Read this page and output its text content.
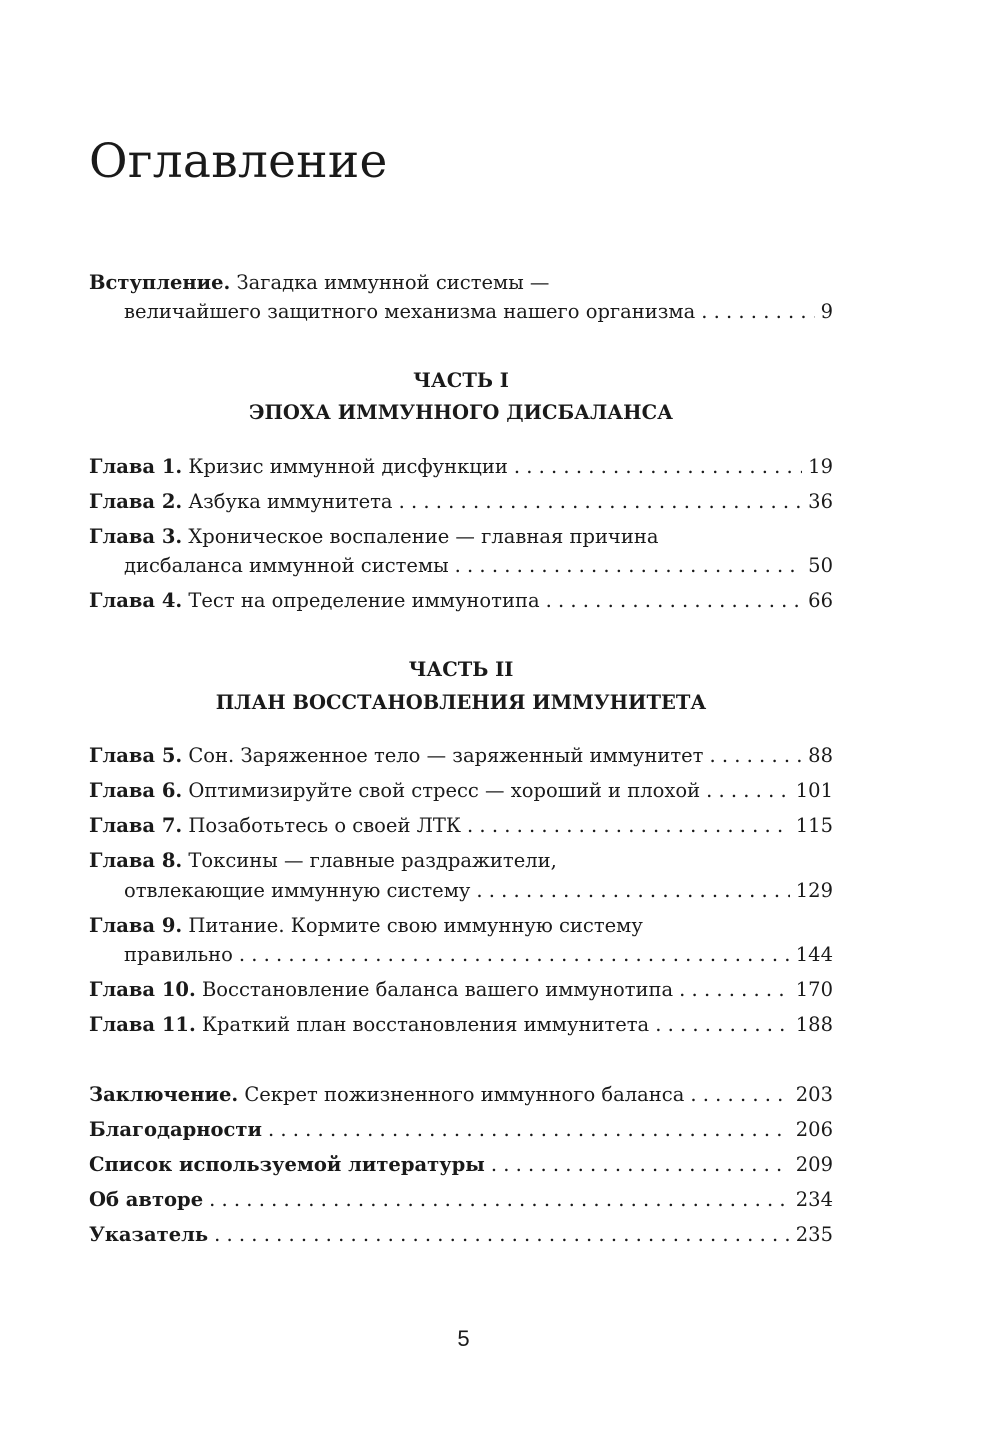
Оглавление
Вступление. Загадка иммунной системы —
величайшего защитного механизма нашего организма . . .	9
ЧАСТЬ I
ЭПОХА ИММУННОГО ДИСБАЛАНСА
Глава 1. Кризис иммунной дисфункции . . .	19
Глава 2. Азбука иммунитета . . .	36
Глава 3. Хроническое воспаление — главная причина
дисбаланса иммунной системы . . .	50
Глава 4. Тест на определение иммунотипа . . .	66
ЧАСТЬ II
ПЛАН ВОССТАНОВЛЕНИЯ ИММУНИТЕТА
Глава 5. Сон. Заряженное тело — заряженный иммунитет . . .	88
Глава 6. Оптимизируйте свой стресс — хороший и плохой . . .	101
Глава 7. Позаботьтесь о своей ЛТК . . .	115
Глава 8. Токсины — главные раздражители,
отвлекающие иммунную систему . . .	129
Глава 9. Питание. Кормите свою иммунную систему
правильно . . .	144
Глава 10. Восстановление баланса вашего иммунотипа . . .	170
Глава 11. Краткий план восстановления иммунитета . . .	188
Заключение. Секрет пожизненного иммунного баланса . . .	203
Благодарности . . .	206
Список используемой литературы . . .	209
Об авторе . . .	234
Указатель . . .	235
5
